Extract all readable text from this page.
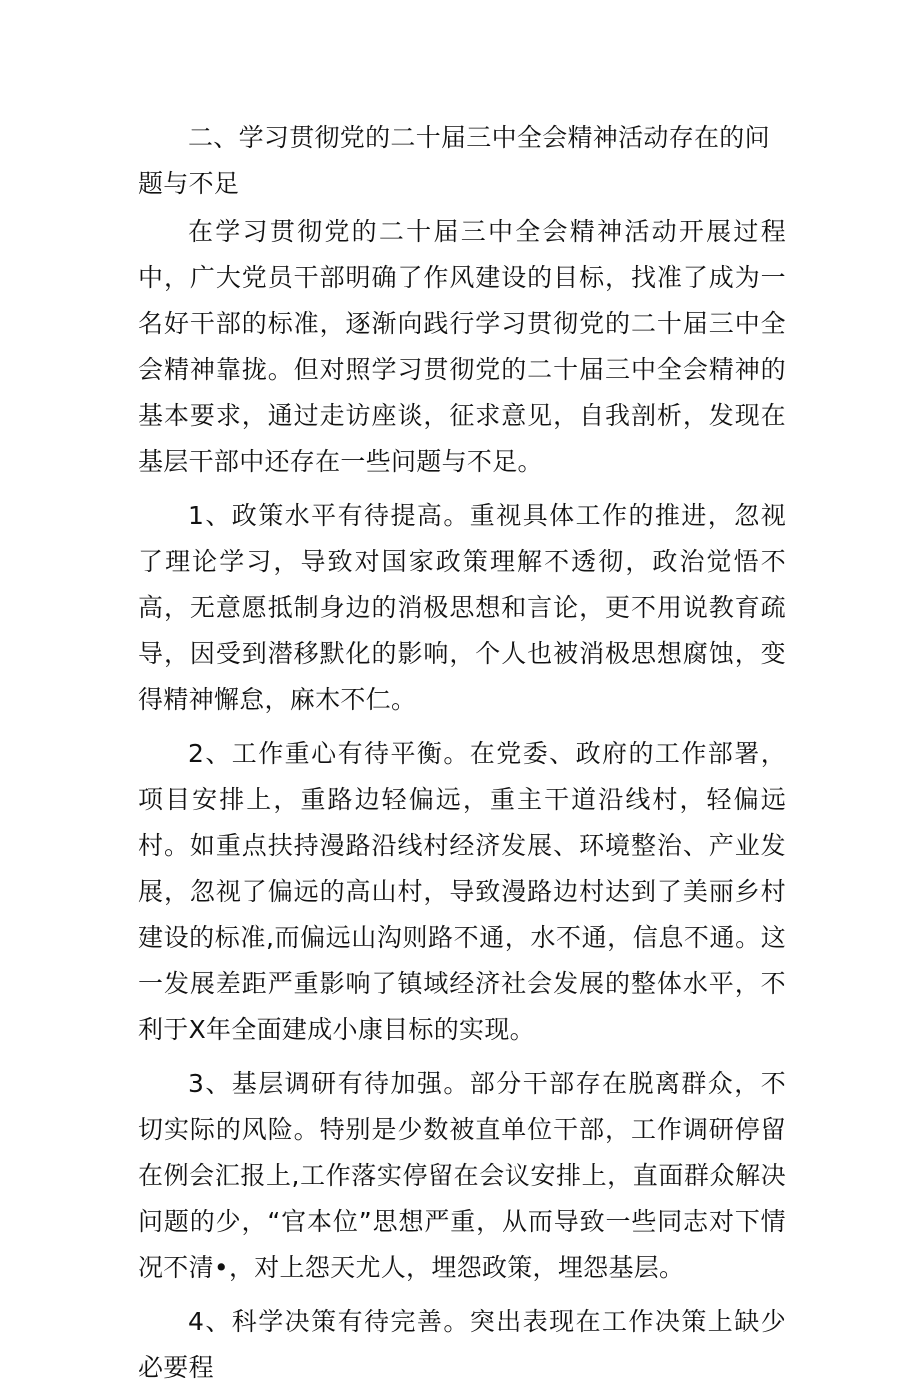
二、学习贯彻党的二十届三中全会精神活动存在的问题与不足

在学习贯彻党的二十届三中全会精神活动开展过程中，广大党员干部明确了作风建设的目标，找准了成为一名好干部的标准，逐渐向践行学习贯彻党的二十届三中全会精神靠拢。但对照学习贯彻党的二十届三中全会精神的基本要求，通过走访座谈，征求意见，自我剖析，发现在基层干部中还存在一些问题与不足。

1、政策水平有待提高。重视具体工作的推进，忽视了理论学习，导致对国家政策理解不透彻，政治觉悟不高，无意愿抵制身边的消极思想和言论，更不用说教育疏导，因受到潜移默化的影响，个人也被消极思想腐蚀，变得精神懈怠，麻木不仁。

2、工作重心有待平衡。在党委、政府的工作部署，项目安排上，重路边轻偏远，重主干道沿线村，轻偏远村。如重点扶持漫路沿线村经济发展、环境整治、产业发展，忽视了偏远的高山村，导致漫路边村达到了美丽乡村建设的标准,而偏远山沟则路不通，水不通，信息不通。这一发展差距严重影响了镇域经济社会发展的整体水平，不利于X年全面建成小康目标的实现。

3、基层调研有待加强。部分干部存在脱离群众，不切实际的风险。特别是少数被直单位干部，工作调研停留在例会汇报上,工作落实停留在会议安排上，直面群众解决问题的少，“官本位”思想严重，从而导致一些同志对下情况不清•，对上怨天尤人，埋怨政策，埋怨基层。

4、科学决策有待完善。突出表现在工作决策上缺少必要程
